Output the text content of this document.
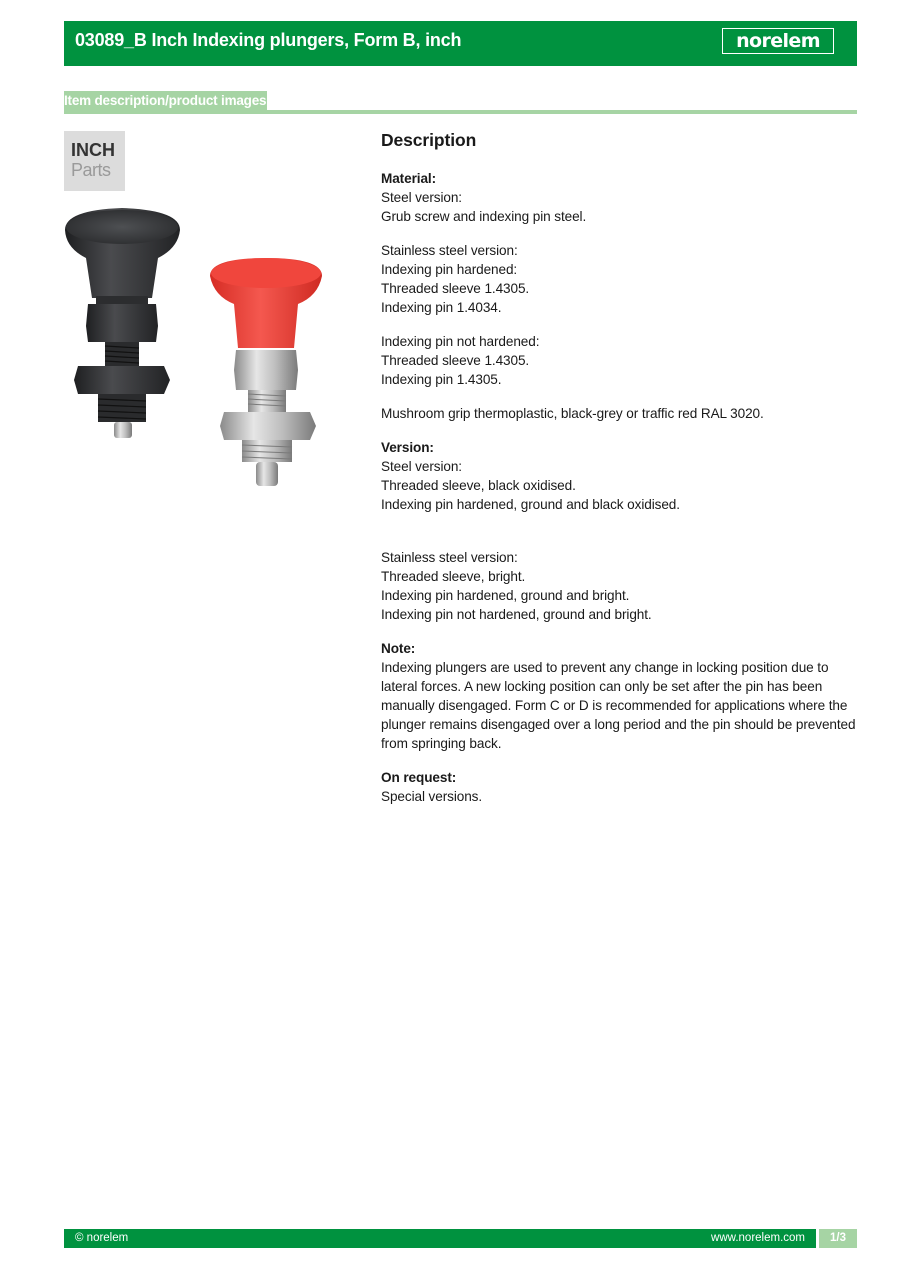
03089_B Inch Indexing plungers, Form B, inch	norelem
Item description/product images
INCH
Parts
Description
Material:
Steel version:
Grub screw and indexing pin steel.
Stainless steel version:
Indexing pin hardened:
Threaded sleeve 1.4305.
Indexing pin 1.4034.
Indexing pin not hardened:
Threaded sleeve 1.4305.
Indexing pin 1.4305.
Mushroom grip thermoplastic, black-grey or traffic red RAL 3020.
Version:
Steel version:
Threaded sleeve, black oxidised.
Indexing pin hardened, ground and black oxidised.
Stainless steel version:
Threaded sleeve, bright.
Indexing pin hardened, ground and bright.
Indexing pin not hardened, ground and bright.
Note:
Indexing plungers are used to prevent any change in locking position due to lateral forces. A new locking position can only be set after the pin has been manually disengaged. Form C or D is recommended for applications where the plunger remains disengaged over a long period and the pin should be prevented from springing back.
On request:
Special versions.
© norelem	www.norelem.com	1/3
